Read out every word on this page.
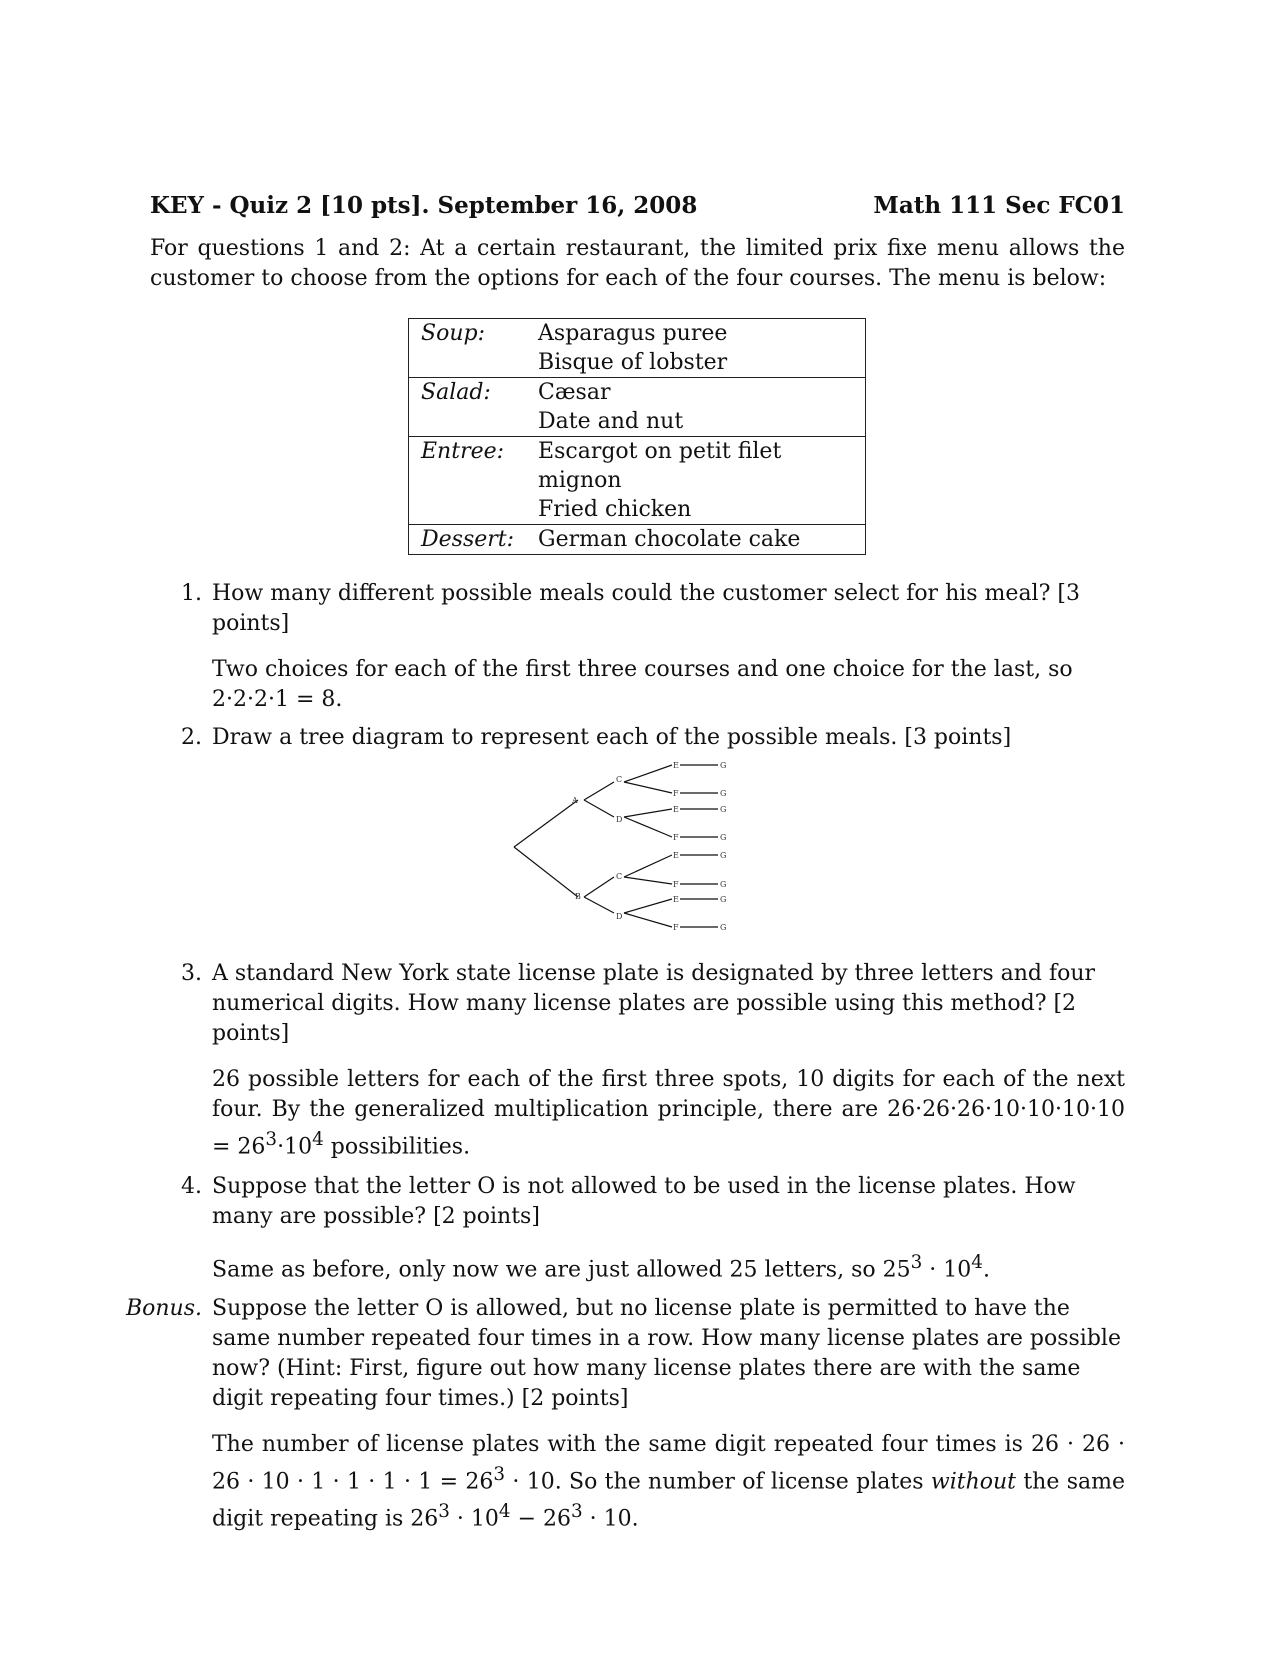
KEY - Quiz 2 [10 pts]. September 16, 2008	Math 111 Sec FC01
For questions 1 and 2: At a certain restaurant, the limited prix fixe menu allows the customer to choose from the options for each of the four courses. The menu is below:
Soup:	Asparagus puree
Bisque of lobster

Salad:	Cæsar
Date and nut

Entree:	Escargot on petit filet mignon
Fried chicken

Dessert:	German chocolate cake
1. How many different possible meals could the customer select for his meal? [3 points]
Two choices for each of the first three courses and one choice for the last, so 2·2·2·1 = 8.
2. Draw a tree diagram to represent each of the possible meals. [3 points]
A
B
C
D
C
D
E
F
E
F
E
F
E
F
G
G
G
G
G
G
G
G
3. A standard New York state license plate is designated by three letters and four numerical digits. How many license plates are possible using this method? [2 points]
26 possible letters for each of the first three spots, 10 digits for each of the next four. By the generalized multiplication principle, there are $26\cdot 26\cdot 26\cdot 10\cdot 10\cdot 10\cdot 10 = 26^3\cdot 10^4$ possibilities.
4. Suppose that the letter O is not allowed to be used in the license plates. How many are possible? [2 points]
Same as before, only now we are just allowed 25 letters, so $25^3 \cdot 10^4$.
Bonus. Suppose the letter O is allowed, but no license plate is permitted to have the same number repeated four times in a row. How many license plates are possible now? (Hint: First, figure out how many license plates there are with the same digit repeating four times.) [2 points]
The number of license plates with the same digit repeated four times is $26 \cdot 26 \cdot 26 \cdot 10 \cdot 1 \cdot 1 \cdot 1 \cdot 1 = 26^3 \cdot 10$. So the number of license plates without the same digit repeating is $26^3 \cdot 10^4 - 26^3 \cdot 10$.
